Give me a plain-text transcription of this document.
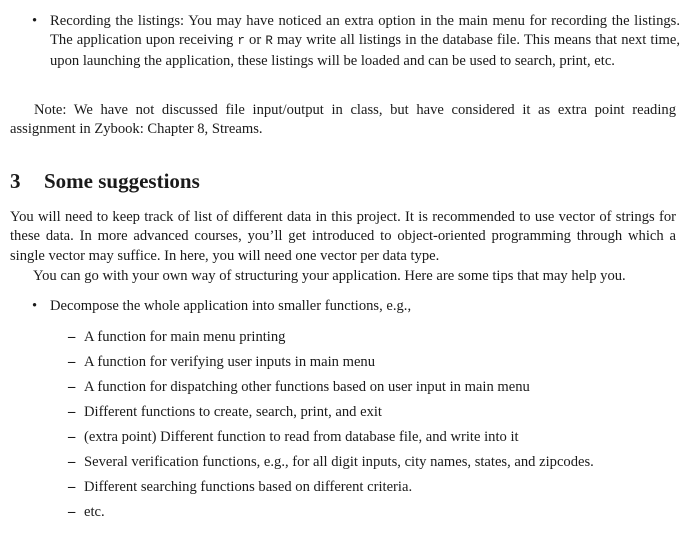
• Recording the listings: You may have noticed an extra option in the main menu for recording the listings. The application upon receiving r or R may write all listings in the database file. This means that next time, upon launching the application, these listings will be loaded and can be used to search, print, etc.
Note: We have not discussed file input/output in class, but have considered it as extra point reading assignment in Zybook: Chapter 8, Streams.
3 Some suggestions
You will need to keep track of list of different data in this project. It is recommended to use vector of strings for these data. In more advanced courses, you’ll get introduced to object-oriented programming through which a single vector may suffice. In here, you will need one vector per data type.
You can go with your own way of structuring your application. Here are some tips that may help you.
• Decompose the whole application into smaller functions, e.g.,
– A function for main menu printing
– A function for verifying user inputs in main menu
– A function for dispatching other functions based on user input in main menu
– Different functions to create, search, print, and exit
– (extra point) Different function to read from database file, and write into it
– Several verification functions, e.g., for all digit inputs, city names, states, and zipcodes.
– Different searching functions based on different criteria.
– etc.
